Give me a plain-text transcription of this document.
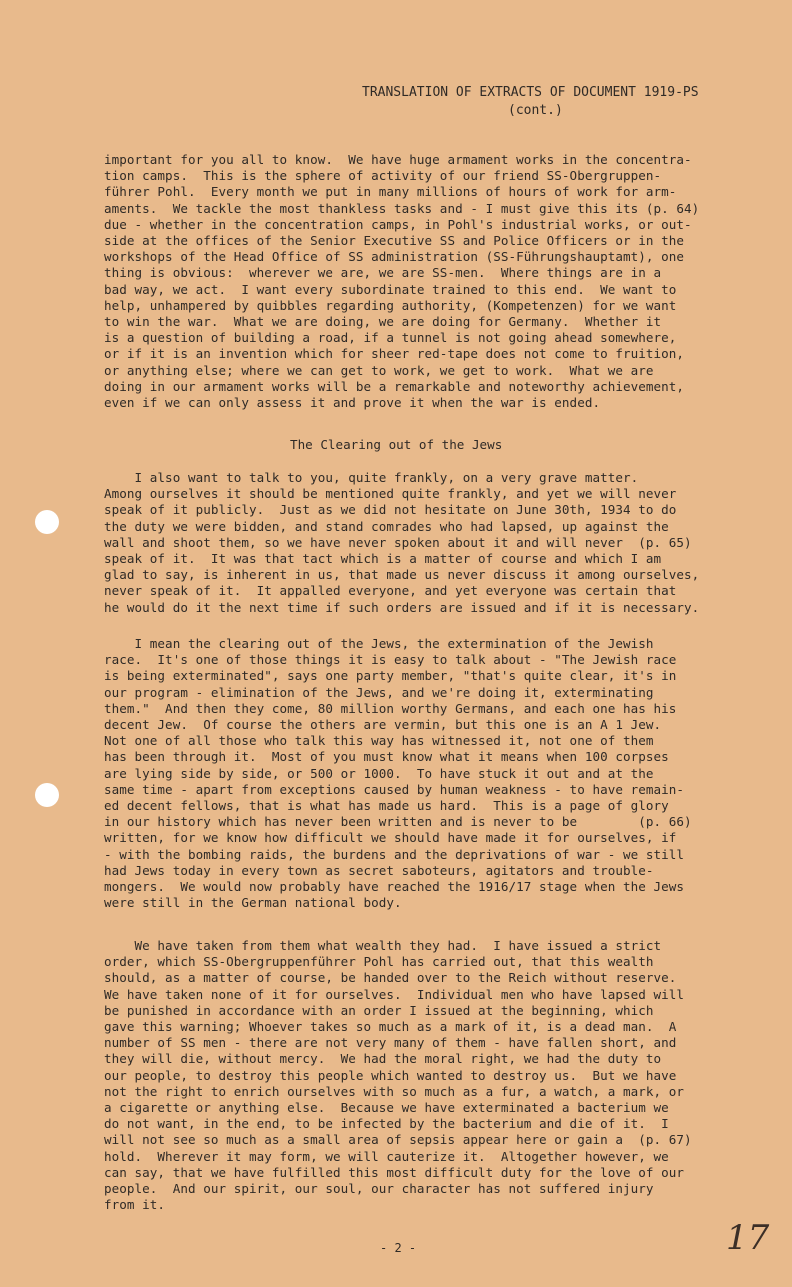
TRANSLATION OF EXTRACTS OF DOCUMENT 1919-PS
(cont.)
important for you all to know.  We have huge armament works in the concentra-
tion camps.  This is the sphere of activity of our friend SS-Obergruppen-
führer Pohl.  Every month we put in many millions of hours of work for arm-
aments.  We tackle the most thankless tasks and - I must give this its (p. 64)
due - whether in the concentration camps, in Pohl's industrial works, or out-
side at the offices of the Senior Executive SS and Police Officers or in the
workshops of the Head Office of SS administration (SS-Führungshauptamt), one
thing is obvious:  wherever we are, we are SS-men.  Where things are in a
bad way, we act.  I want every subordinate trained to this end.  We want to
help, unhampered by quibbles regarding authority, (Kompetenzen) for we want
to win the war.  What we are doing, we are doing for Germany.  Whether it
is a question of building a road, if a tunnel is not going ahead somewhere,
or if it is an invention which for sheer red-tape does not come to fruition,
or anything else; where we can get to work, we get to work.  What we are
doing in our armament works will be a remarkable and noteworthy achievement,
even if we can only assess it and prove it when the war is ended.
The Clearing out of the Jews
I also want to talk to you, quite frankly, on a very grave matter.
Among ourselves it should be mentioned quite frankly, and yet we will never
speak of it publicly.  Just as we did not hesitate on June 30th, 1934 to do
the duty we were bidden, and stand comrades who had lapsed, up against the
wall and shoot them, so we have never spoken about it and will never  (p. 65)
speak of it.  It was that tact which is a matter of course and which I am
glad to say, is inherent in us, that made us never discuss it among ourselves,
never speak of it.  It appalled everyone, and yet everyone was certain that
he would do it the next time if such orders are issued and if it is necessary.
I mean the clearing out of the Jews, the extermination of the Jewish
race.  It's one of those things it is easy to talk about - "The Jewish race
is being exterminated", says one party member, "that's quite clear, it's in
our program - elimination of the Jews, and we're doing it, exterminating
them."  And then they come, 80 million worthy Germans, and each one has his
decent Jew.  Of course the others are vermin, but this one is an A 1 Jew.
Not one of all those who talk this way has witnessed it, not one of them
has been through it.  Most of you must know what it means when 100 corpses
are lying side by side, or 500 or 1000.  To have stuck it out and at the
same time - apart from exceptions caused by human weakness - to have remain-
ed decent fellows, that is what has made us hard.  This is a page of glory
in our history which has never been written and is never to be        (p. 66)
written, for we know how difficult we should have made it for ourselves, if
- with the bombing raids, the burdens and the deprivations of war - we still
had Jews today in every town as secret saboteurs, agitators and trouble-
mongers.  We would now probably have reached the 1916/17 stage when the Jews
were still in the German national body.
We have taken from them what wealth they had.  I have issued a strict
order, which SS-Obergruppenführer Pohl has carried out, that this wealth
should, as a matter of course, be handed over to the Reich without reserve.
We have taken none of it for ourselves.  Individual men who have lapsed will
be punished in accordance with an order I issued at the beginning, which
gave this warning; Whoever takes so much as a mark of it, is a dead man.  A
number of SS men - there are not very many of them - have fallen short, and
they will die, without mercy.  We had the moral right, we had the duty to
our people, to destroy this people which wanted to destroy us.  But we have
not the right to enrich ourselves with so much as a fur, a watch, a mark, or
a cigarette or anything else.  Because we have exterminated a bacterium we
do not want, in the end, to be infected by the bacterium and die of it.  I
will not see so much as a small area of sepsis appear here or gain a  (p. 67)
hold.  Wherever it may form, we will cauterize it.  Altogether however, we
can say, that we have fulfilled this most difficult duty for the love of our
people.  And our spirit, our soul, our character has not suffered injury
from it.
- 2 -	17
